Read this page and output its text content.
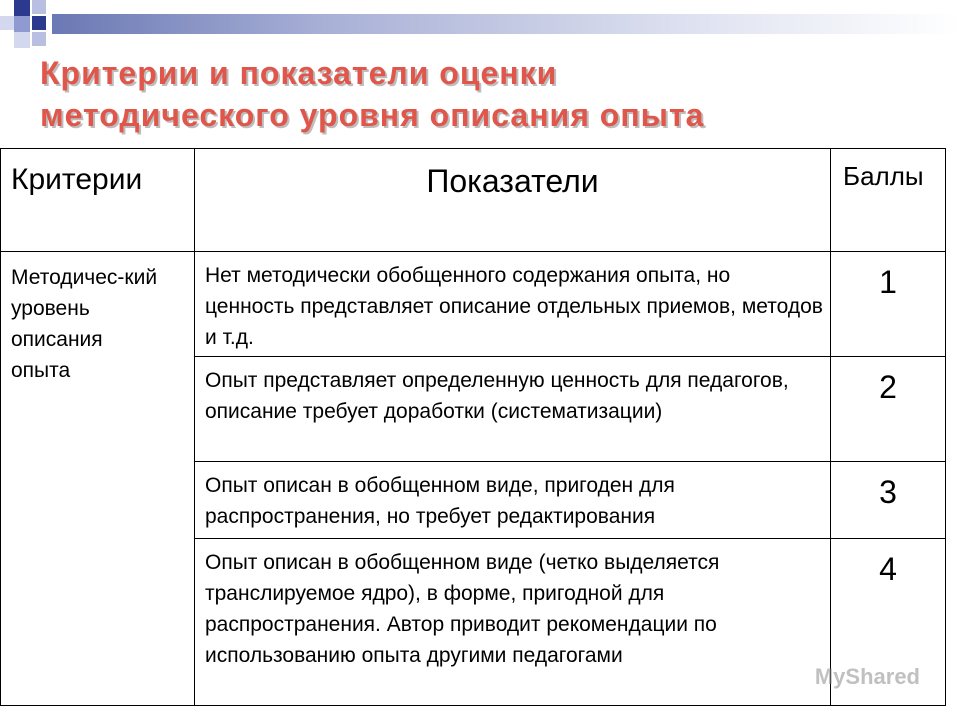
Критерии и показатели оценки
методического уровня описания опыта
Критерии	Показатели	Баллы

Методичес-кий уровень описания опыта	Нет методически обобщенного содержания опыта, но ценность представляет описание отдельных приемов, методов и т.д.	1

	Опыт представляет определенную ценность для педагогов, описание требует доработки (систематизации)	2

	Опыт описан в обобщенном виде, пригоден для распространения, но требует редактирования	3

	Опыт описан в обобщенном виде (четко выделяется транслируемое ядро), в форме, пригодной для распространения. Автор приводит рекомендации по использованию опыта другими педагогами	4
MyShared
